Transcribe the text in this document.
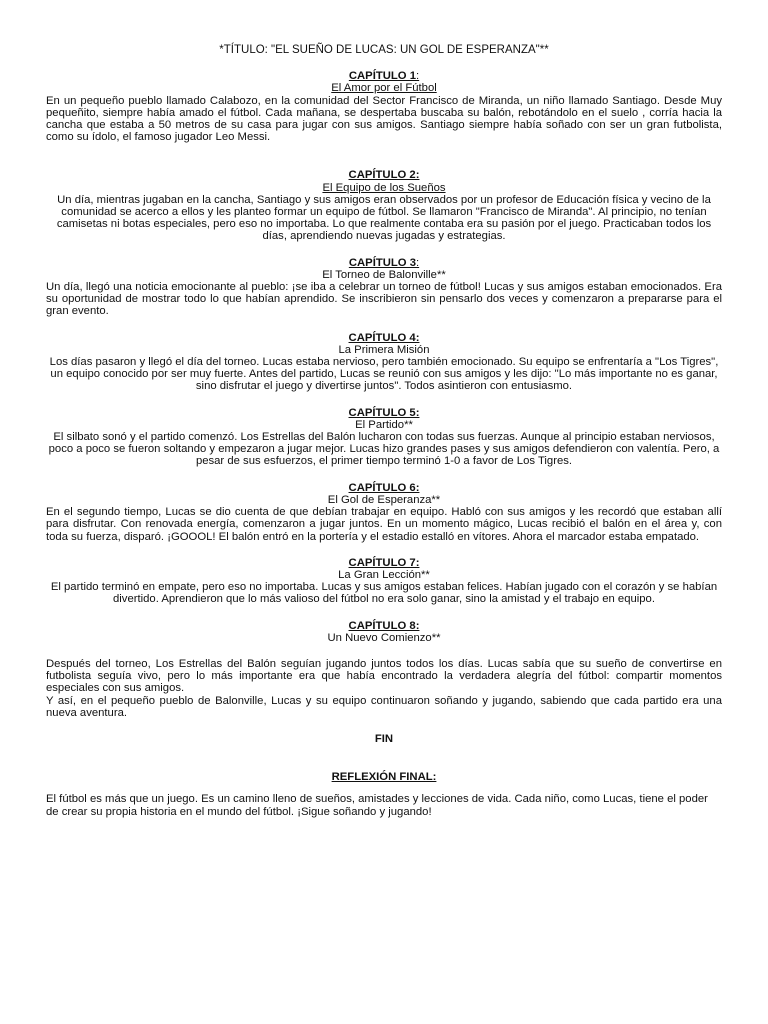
*TÍTULO: "EL SUEÑO DE LUCAS: UN GOL DE ESPERANZA"**

CAPÍTULO 1:

El Amor por el Fútbol

En un pequeño pueblo llamado Calabozo, en la comunidad del Sector Francisco de Miranda, un niño llamado Santiago. Desde Muy pequeñito, siempre había amado el fútbol. Cada mañana, se despertaba buscaba su balón, rebotándolo en el suelo , corría hacia la cancha que estaba a 50 metros de su casa para jugar con sus amigos. Santiago siempre había soñado con ser un gran futbolista, como su ídolo, el famoso jugador Leo Messi.

CAPÍTULO 2:

El Equipo de los Sueños

Un día, mientras jugaban en la cancha, Santiago y sus amigos eran observados por un profesor de Educación física y vecino de la comunidad se acerco a ellos y les planteo formar un equipo de fútbol. Se llamaron "Francisco de Miranda". Al principio, no tenían camisetas ni botas especiales, pero eso no importaba. Lo que realmente contaba era su pasión por el juego. Practicaban todos los días, aprendiendo nuevas jugadas y estrategias.

CAPÍTULO 3:

El Torneo de Balonville**

Un día, llegó una noticia emocionante al pueblo: ¡se iba a celebrar un torneo de fútbol! Lucas y sus amigos estaban emocionados. Era su oportunidad de mostrar todo lo que habían aprendido. Se inscribieron sin pensarlo dos veces y comenzaron a prepararse para el gran evento.

CAPÍTULO 4:

La Primera Misión

Los días pasaron y llegó el día del torneo. Lucas estaba nervioso, pero también emocionado. Su equipo se enfrentaría a "Los Tigres", un equipo conocido por ser muy fuerte. Antes del partido, Lucas se reunió con sus amigos y les dijo: "Lo más importante no es ganar, sino disfrutar el juego y divertirse juntos". Todos asintieron con entusiasmo.

CAPÍTULO 5:

El Partido**

El silbato sonó y el partido comenzó. Los Estrellas del Balón lucharon con todas sus fuerzas. Aunque al principio estaban nerviosos, poco a poco se fueron soltando y empezaron a jugar mejor. Lucas hizo grandes pases y sus amigos defendieron con valentía. Pero, a pesar de sus esfuerzos, el primer tiempo terminó 1-0 a favor de Los Tigres.

CAPÍTULO 6:

El Gol de Esperanza**

En el segundo tiempo, Lucas se dio cuenta de que debían trabajar en equipo. Habló con sus amigos y les recordó que estaban allí para disfrutar. Con renovada energía, comenzaron a jugar juntos. En un momento mágico, Lucas recibió el balón en el área y, con toda su fuerza, disparó. ¡GOOOL! El balón entró en la portería y el estadio estalló en vítores. Ahora el marcador estaba empatado.

CAPÍTULO 7:

La Gran Lección**

El partido terminó en empate, pero eso no importaba. Lucas y sus amigos estaban felices. Habían jugado con el corazón y se habían divertido. Aprendieron que lo más valioso del fútbol no era solo ganar, sino la amistad y el trabajo en equipo.

CAPÍTULO 8:

Un Nuevo Comienzo**

Después del torneo, Los Estrellas del Balón seguían jugando juntos todos los días. Lucas sabía que su sueño de convertirse en futbolista seguía vivo, pero lo más importante era que había encontrado la verdadera alegría del fútbol: compartir momentos especiales con sus amigos.

Y así, en el pequeño pueblo de Balonville, Lucas y su equipo continuaron soñando y jugando, sabiendo que cada partido era una nueva aventura.

FIN

REFLEXIÓN FINAL:

El fútbol es más que un juego. Es un camino lleno de sueños, amistades y lecciones de vida. Cada niño, como Lucas, tiene el poder de crear su propia historia en el mundo del fútbol. ¡Sigue soñando y jugando!
